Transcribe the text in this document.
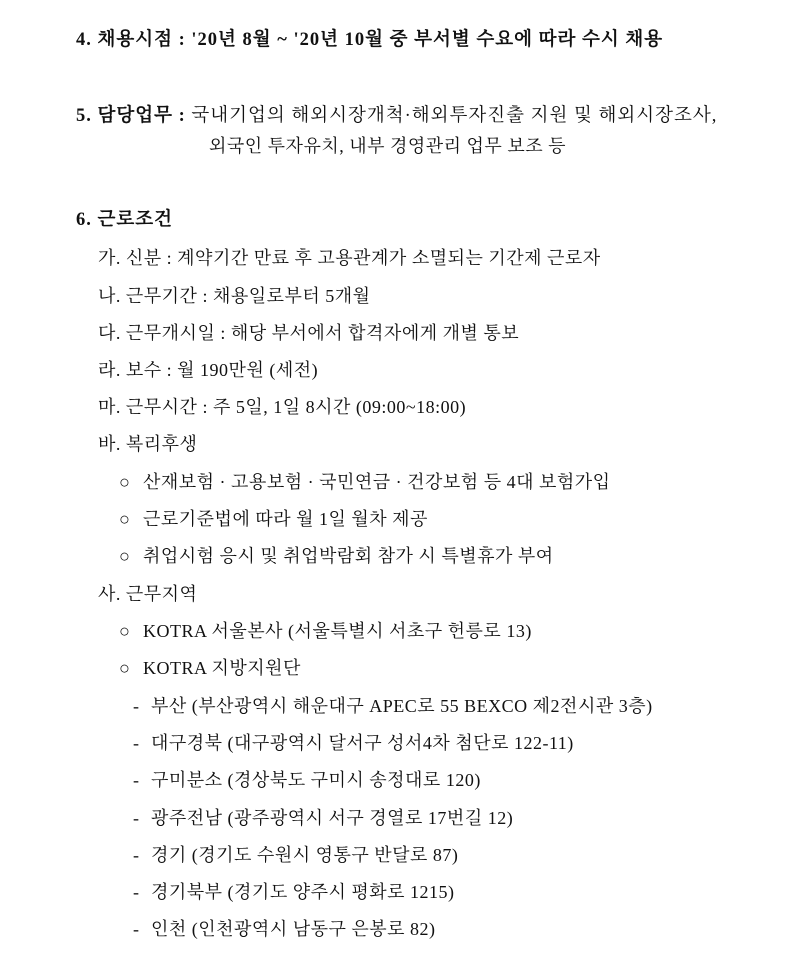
4. 채용시점 : '20년 8월 ~ '20년 10월 중 부서별 수요에 따라 수시 채용
5. 담당업무 : 국내기업의 해외시장개척·해외투자진출 지원 및 해외시장조사,
외국인 투자유치, 내부 경영관리 업무 보조 등
6. 근로조건
가. 신분 : 계약기간 만료 후 고용관계가 소멸되는 기간제 근로자
나. 근무기간 : 채용일로부터 5개월
다. 근무개시일 : 해당 부서에서 합격자에게 개별 통보
라. 보수 : 월 190만원 (세전)
마. 근무시간 : 주 5일, 1일 8시간 (09:00~18:00)
바. 복리후생
○ 산재보험 · 고용보험 · 국민연금 · 건강보험 등 4대 보험가입
○ 근로기준법에 따라 월 1일 월차 제공
○ 취업시험 응시 및 취업박람회 참가 시 특별휴가 부여
사. 근무지역
○ KOTRA 서울본사 (서울특별시 서초구 헌릉로 13)
○ KOTRA 지방지원단
- 부산 (부산광역시 해운대구 APEC로 55 BEXCO 제2전시관 3층)
- 대구경북 (대구광역시 달서구 성서4차 첨단로 122-11)
- 구미분소 (경상북도 구미시 송정대로 120)
- 광주전남 (광주광역시 서구 경열로 17번길 12)
- 경기 (경기도 수원시 영통구 반달로 87)
- 경기북부 (경기도 양주시 평화로 1215)
- 인천 (인천광역시 남동구 은봉로 82)
